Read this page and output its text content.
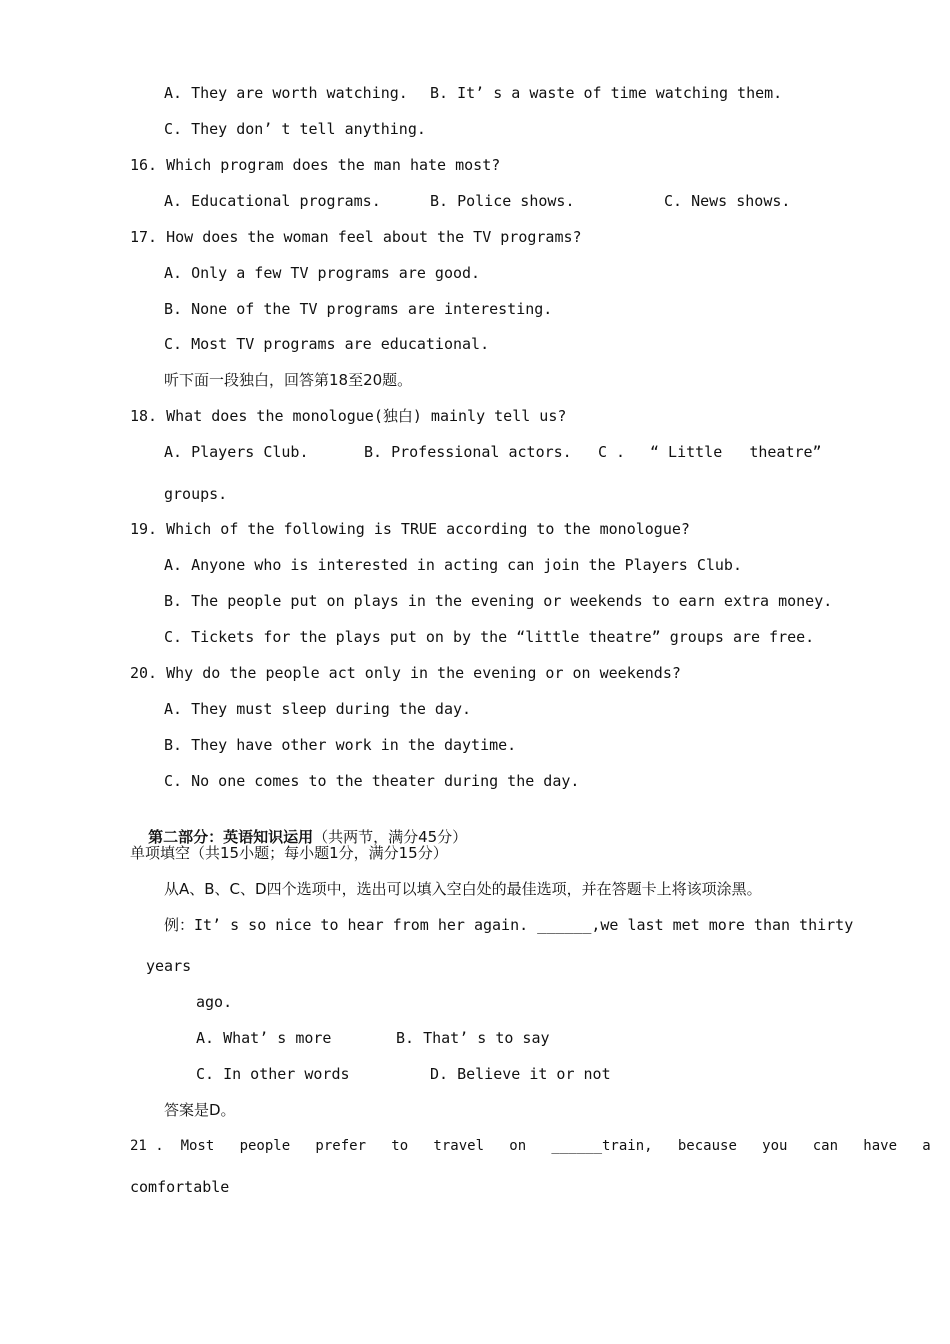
A. They are worth watching. B. It’ s a waste of time watching them.
C. They don’ t tell anything.
16. Which program does the man hate most?
A. Educational programs.	B. Police shows.	C. News shows.
17. How does the woman feel about the TV programs?
A. Only a few TV programs are good.
B. None of the TV programs are interesting.
C. Most TV programs are educational.
听下面一段独白，回答第18至20题。
18. What does the monologue(独白) mainly tell us?
A. Players Club.	B. Professional actors. C . “ Little   theatre”
groups.
19. Which of the following is TRUE according to the monologue?
A. Anyone who is interested in acting can join the Players Club.
B. The people put on plays in the evening or weekends to earn extra money.
C. Tickets for the plays put on by the “little theatre” groups are free.
20. Why do the people act only in the evening or on weekends?
A. They must sleep during the day.
B. They have other work in the daytime.
C. No one comes to the theater during the day.

第二部分：英语知识运用（共两节，满分45分）

单项填空（共15小题；每小题1分，满分15分）
从A、B、C、D四个选项中，选出可以填入空白处的最佳选项，并在答题卡上将该项涂黑。
例：It’ s so nice to hear from her again. ______,we last met more than thirty
years
ago.
A. What’ s more	B. That’ s to say
C. In other words	D. Believe it or not
答案是D。
21 .  Most   people   prefer   to   travel   on   ______train,   because   you   can   have   a
comfortable
